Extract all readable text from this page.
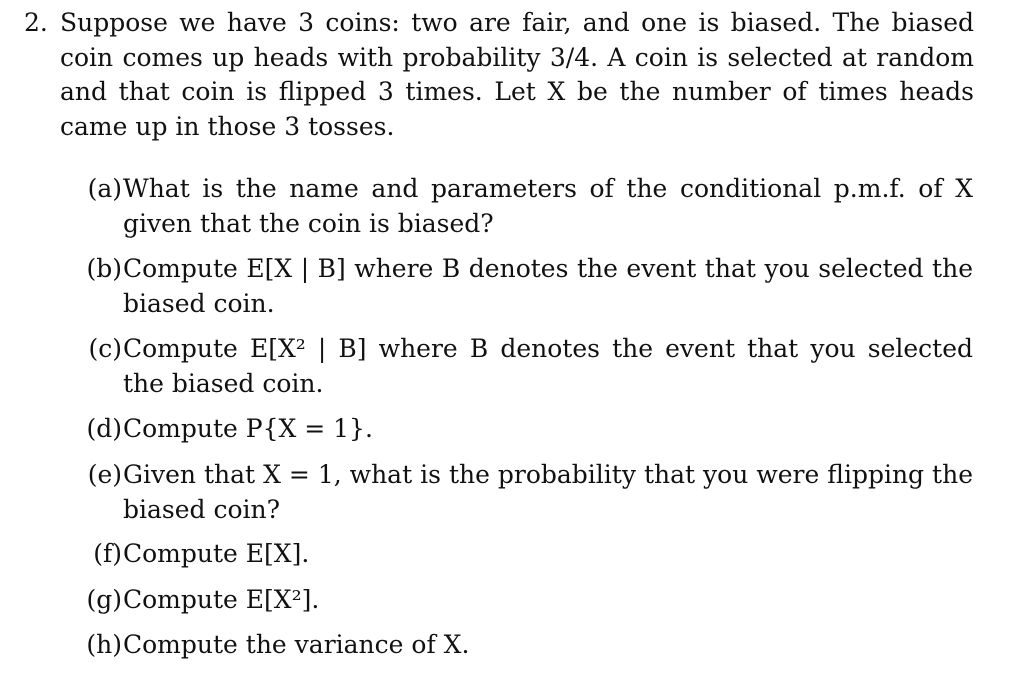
2. Suppose we have 3 coins: two are fair, and one is biased. The biased coin comes up heads with probability 3/4. A coin is selected at random and that coin is flipped 3 times. Let X be the number of times heads came up in those 3 tosses.
(a) What is the name and parameters of the conditional p.m.f. of X given that the coin is biased?
(b) Compute E[X | B] where B denotes the event that you selected the biased coin.
(c) Compute E[X² | B] where B denotes the event that you selected the biased coin.
(d) Compute P{X = 1}.
(e) Given that X = 1, what is the probability that you were flipping the biased coin?
(f) Compute E[X].
(g) Compute E[X²].
(h) Compute the variance of X.
